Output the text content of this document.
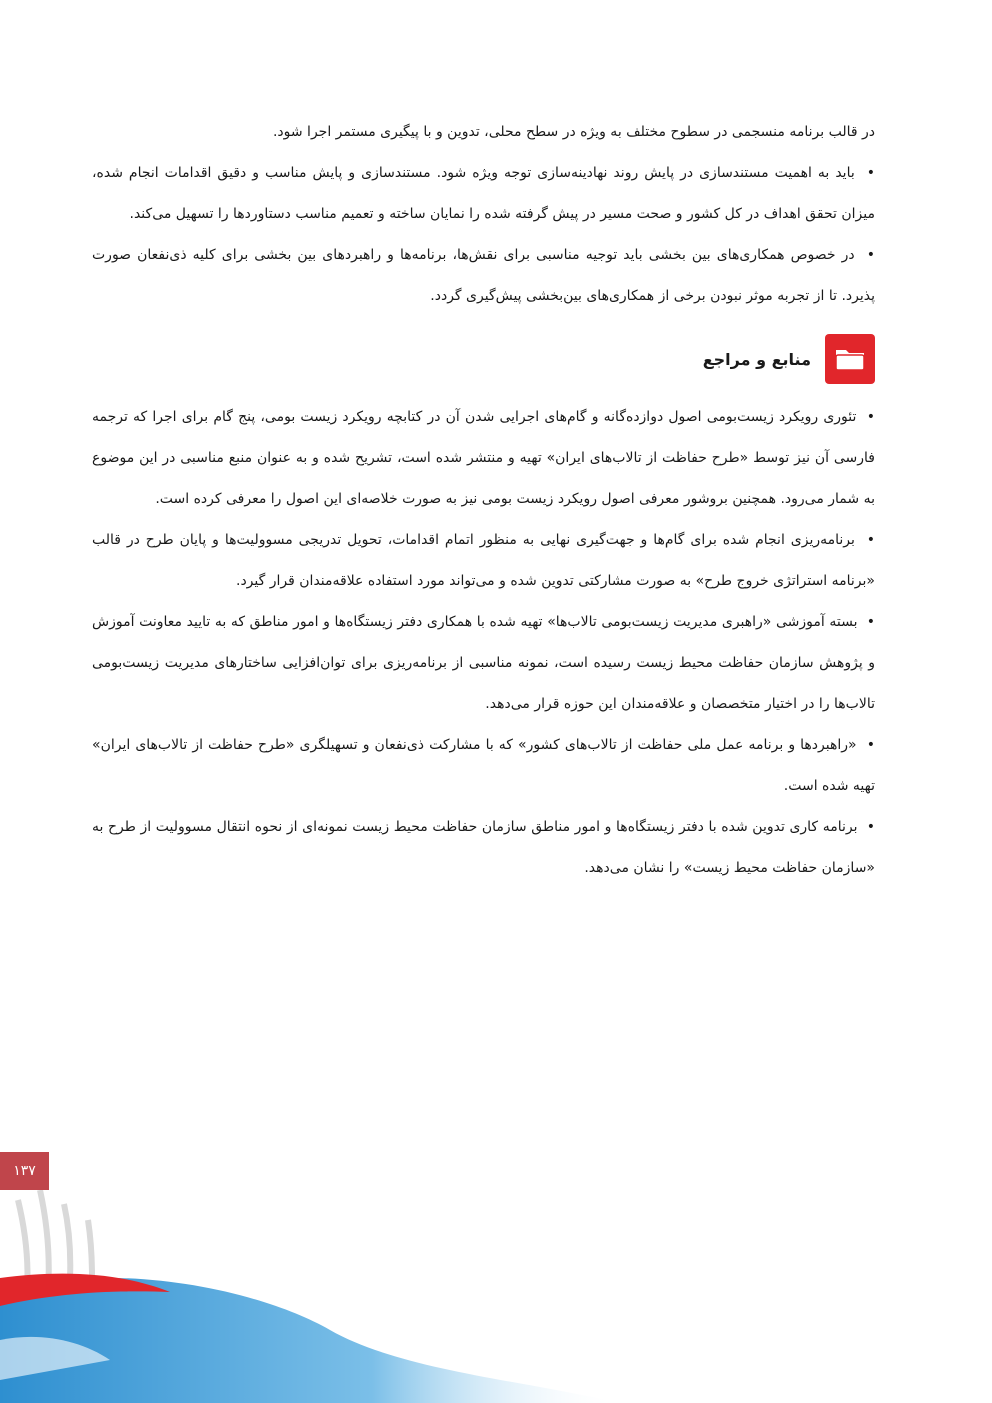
در قالب برنامه منسجمی در سطوح مختلف به ویژه در سطح محلی، تدوین و با پیگیری مستمر اجرا شود.

•  باید به اهمیت مستندسازی در پایش روند نهادینه‌سازی توجه ویژه شود. مستندسازی و پایش مناسب و دقیق اقدامات انجام شده، میزان تحقق اهداف در کل کشور و صحت مسیر در پیش گرفته شده را نمایان ساخته و تعمیم مناسب دستاوردها را تسهیل می‌کند.

•  در خصوص همکاری‌های بین بخشی باید توجیه مناسبی برای نقش‌ها، برنامه‌ها و راهبردهای بین بخشی برای کلیه ذی‌نفعان صورت پذیرد. تا از تجربه موثر نبودن برخی از همکاری‌های بین‌بخشی پیش‌گیری گردد.

منابع و مراجع

•  تئوری رویکرد زیست‌بومی اصول دوازده‌گانه و گام‌های اجرایی شدن آن در کتابچه رویکرد زیست بومی، پنج گام برای اجرا که ترجمه فارسی آن نیز توسط «طرح حفاظت از تالاب‌های ایران» تهیه و منتشر شده است، تشریح شده و به عنوان منبع مناسبی در این موضوع به شمار می‌رود. همچنین بروشور معرفی اصول رویکرد زیست بومی نیز به صورت خلاصه‌ای این اصول را معرفی کرده است.

•  برنامه‌ریزی انجام شده برای گام‌ها و جهت‌گیری نهایی به منظور اتمام اقدامات، تحویل تدریجی مسوولیت‌ها و پایان طرح در قالب «برنامه استراتژی خروج طرح» به صورت مشارکتی تدوین شده و می‌تواند مورد استفاده علاقه‌مندان قرار گیرد.

•  بسته آموزشی «راهبری مدیریت زیست‌بومی تالاب‌ها» تهیه شده با همکاری دفتر زیستگاه‌ها و امور مناطق که به تایید معاونت آموزش و پژوهش سازمان حفاظت محیط زیست رسیده است، نمونه مناسبی از برنامه‌ریزی برای توان‌افزایی ساختارهای مدیریت زیست‌بومی تالاب‌ها را در اختیار متخصصان و علاقه‌مندان این حوزه قرار می‌دهد.

•  «راهبردها و برنامه عمل ملی حفاظت از تالاب‌های کشور» که با مشارکت ذی‌نفعان و تسهیلگری «طرح حفاظت از تالاب‌های ایران» تهیه شده است.

•  برنامه کاری تدوین شده با دفتر زیستگاه‌ها و امور مناطق سازمان حفاظت محیط زیست نمونه‌ای از نحوه انتقال مسوولیت از طرح به «سازمان حفاظت محیط زیست» را نشان می‌دهد.

۱۳۷
